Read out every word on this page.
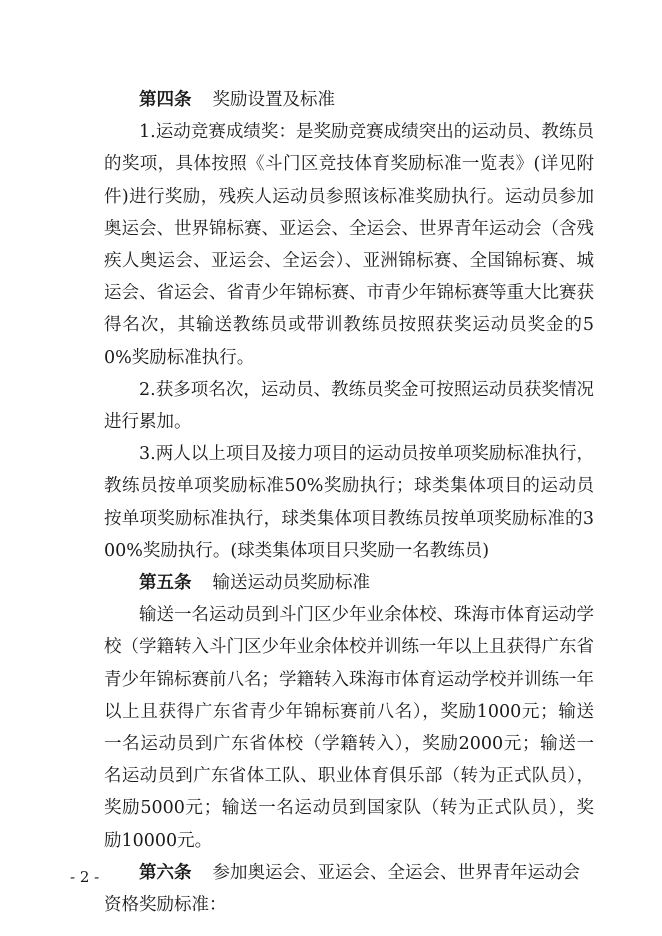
第四条 奖励设置及标准

1.运动竞赛成绩奖：是奖励竞赛成绩突出的运动员、教练员的奖项，具体按照《斗门区竞技体育奖励标准一览表》(详见附件)进行奖励，残疾人运动员参照该标准奖励执行。运动员参加奥运会、世界锦标赛、亚运会、全运会、世界青年运动会（含残疾人奥运会、亚运会、全运会）、亚洲锦标赛、全国锦标赛、城运会、省运会、省青少年锦标赛、市青少年锦标赛等重大比赛获得名次，其输送教练员或带训教练员按照获奖运动员奖金的50%奖励标准执行。

2.获多项名次，运动员、教练员奖金可按照运动员获奖情况进行累加。

3.两人以上项目及接力项目的运动员按单项奖励标准执行，教练员按单项奖励标准50%奖励执行；球类集体项目的运动员按单项奖励标准执行，球类集体项目教练员按单项奖励标准的300%奖励执行。(球类集体项目只奖励一名教练员)

第五条 输送运动员奖励标准

输送一名运动员到斗门区少年业余体校、珠海市体育运动学校（学籍转入斗门区少年业余体校并训练一年以上且获得广东省青少年锦标赛前八名；学籍转入珠海市体育运动学校并训练一年以上且获得广东省青少年锦标赛前八名），奖励1000元；输送一名运动员到广东省体校（学籍转入），奖励2000元；输送一名运动员到广东省体工队、职业体育俱乐部（转为正式队员），奖励5000元；输送一名运动员到国家队（转为正式队员），奖励10000元。

第六条 参加奥运会、亚运会、全运会、世界青年运动会资格奖励标准：

- 2 -
